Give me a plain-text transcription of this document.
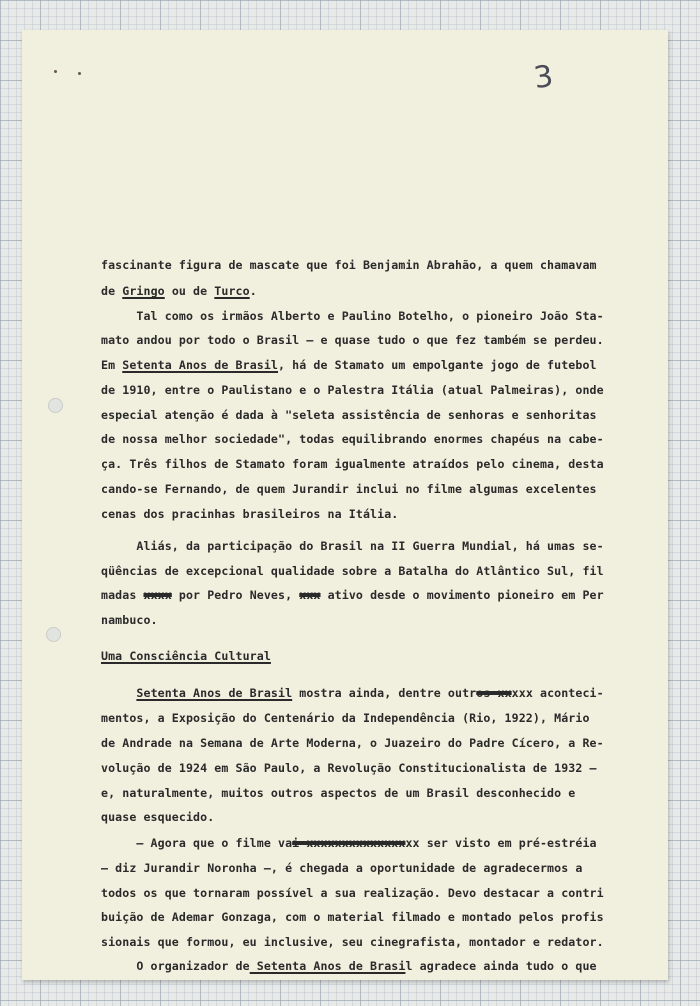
3
fascinante figura de mascate que foi Benjamin Abrahão, a quem chamavam
de Gringo ou de Turco.
Tal como os irmãos Alberto e Paulino Botelho, o pioneiro João Sta-
mato andou por todo o Brasil — e quase tudo o que fez também se perdeu.
Em Setenta Anos de Brasil, há de Stamato um empolgante jogo de futebol
de 1910, entre o Paulistano e o Palestra Itália (atual Palmeiras), onde
especial atenção é dada à "seleta assistência de senhoras e senhoritas
de nossa melhor sociedade", todas equilibrando enormes chapéus na cabe-
ça. Três filhos de Stamato foram igualmente atraídos pelo cinema, desta
cando-se Fernando, de quem Jurandir inclui no filme algumas excelentes
cenas dos pracinhas brasileiros na Itália.
Aliás, da participação do Brasil na II Guerra Mundial, há umas se-
qüências de excepcional qualidade sobre a Batalha do Atlântico Sul, fil
madas xxxx por Pedro Neves, xxx ativo desde o movimento pioneiro em Per
nambuco.
Uma Consciência Cultural
Setenta Anos de Brasil mostra ainda, dentre outros xxxxx aconteci-
mentos, a Exposição do Centenário da Independência (Rio, 1922), Mário
de Andrade na Semana de Arte Moderna, o Juazeiro do Padre Cícero, a Re-
volução de 1924 em São Paulo, a Revolução Constitucionalista de 1932 —
e, naturalmente, muitos outros aspectos de um Brasil desconhecido e
quase esquecido.
— Agora que o filme vai xxxxxxxxxxxxxxxx ser visto em pré-estréia
— diz Jurandir Noronha —, é chegada a oportunidade de agradecermos a
todos os que tornaram possível a sua realização. Devo destacar a contri
buição de Ademar Gonzaga, com o material filmado e montado pelos profis
sionais que formou, eu inclusive, seu cinegrafista, montador e redator.
O organizador de Setenta Anos de Brasil agradece ainda tudo o que
